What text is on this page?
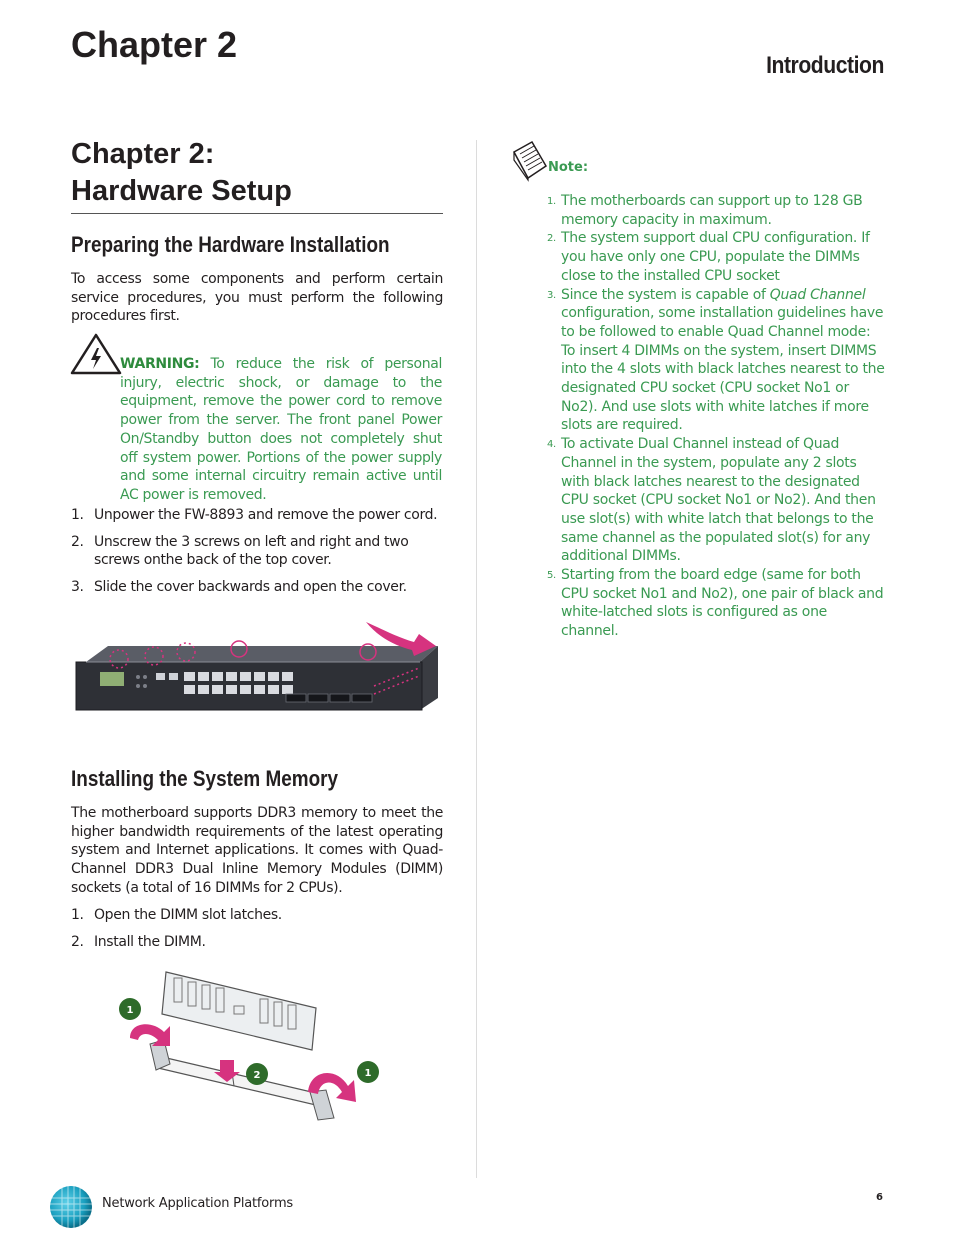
Chapter 2
Introduction
Chapter 2:
Hardware Setup
Preparing the Hardware Installation

To access some components and perform certain service procedures, you must perform the following procedures first.

WARNING: To reduce the risk of personal injury, electric shock, or damage to the equipment, remove the power cord to remove power from the server. The front panel Power On/Standby button does not completely shut off system power. Portions of the power supply and some internal circuitry remain active until AC power is removed.
1. Unpower the FW-8893 and remove the power cord.
2. Unscrew the 3 screws on left and right and two screws onthe back of the top cover.
3. Slide the cover backwards and open the cover.
Installing the System Memory

The motherboard supports DDR3 memory to meet the higher bandwidth requirements of the latest operating system and Internet applications. It comes with Quad-Channel DDR3 Dual Inline Memory Modules (DIMM) sockets (a total of 16 DIMMs for 2 CPUs).

1. Open the DIMM slot latches.
2. Install the DIMM.
1
2	1
Note:
1. The motherboards can support up to 128 GB memory capacity in maximum.
2. The system support dual CPU configuration. If you have only one CPU, populate the DIMMs close to the installed CPU socket
3. Since the system is capable of Quad Channel configuration, some installation guidelines have to be followed to enable Quad Channel mode: To insert 4 DIMMs on the system, insert DIMMS into the 4 slots with black latches nearest to the designated CPU socket (CPU socket No1 or No2). And use slots with white latches if more slots are required.
4. To activate Dual Channel instead of Quad Channel in the system, populate any 2 slots with black latches nearest to the designated CPU socket (CPU socket No1 or No2). And then use slot(s) with white latch that belongs to the same channel as the populated slot(s) for any additional DIMMs.
5. Starting from the board edge (same for both CPU socket No1 and No2), one pair of black and white-latched slots is configured as one channel.
Network Application Platforms	6
